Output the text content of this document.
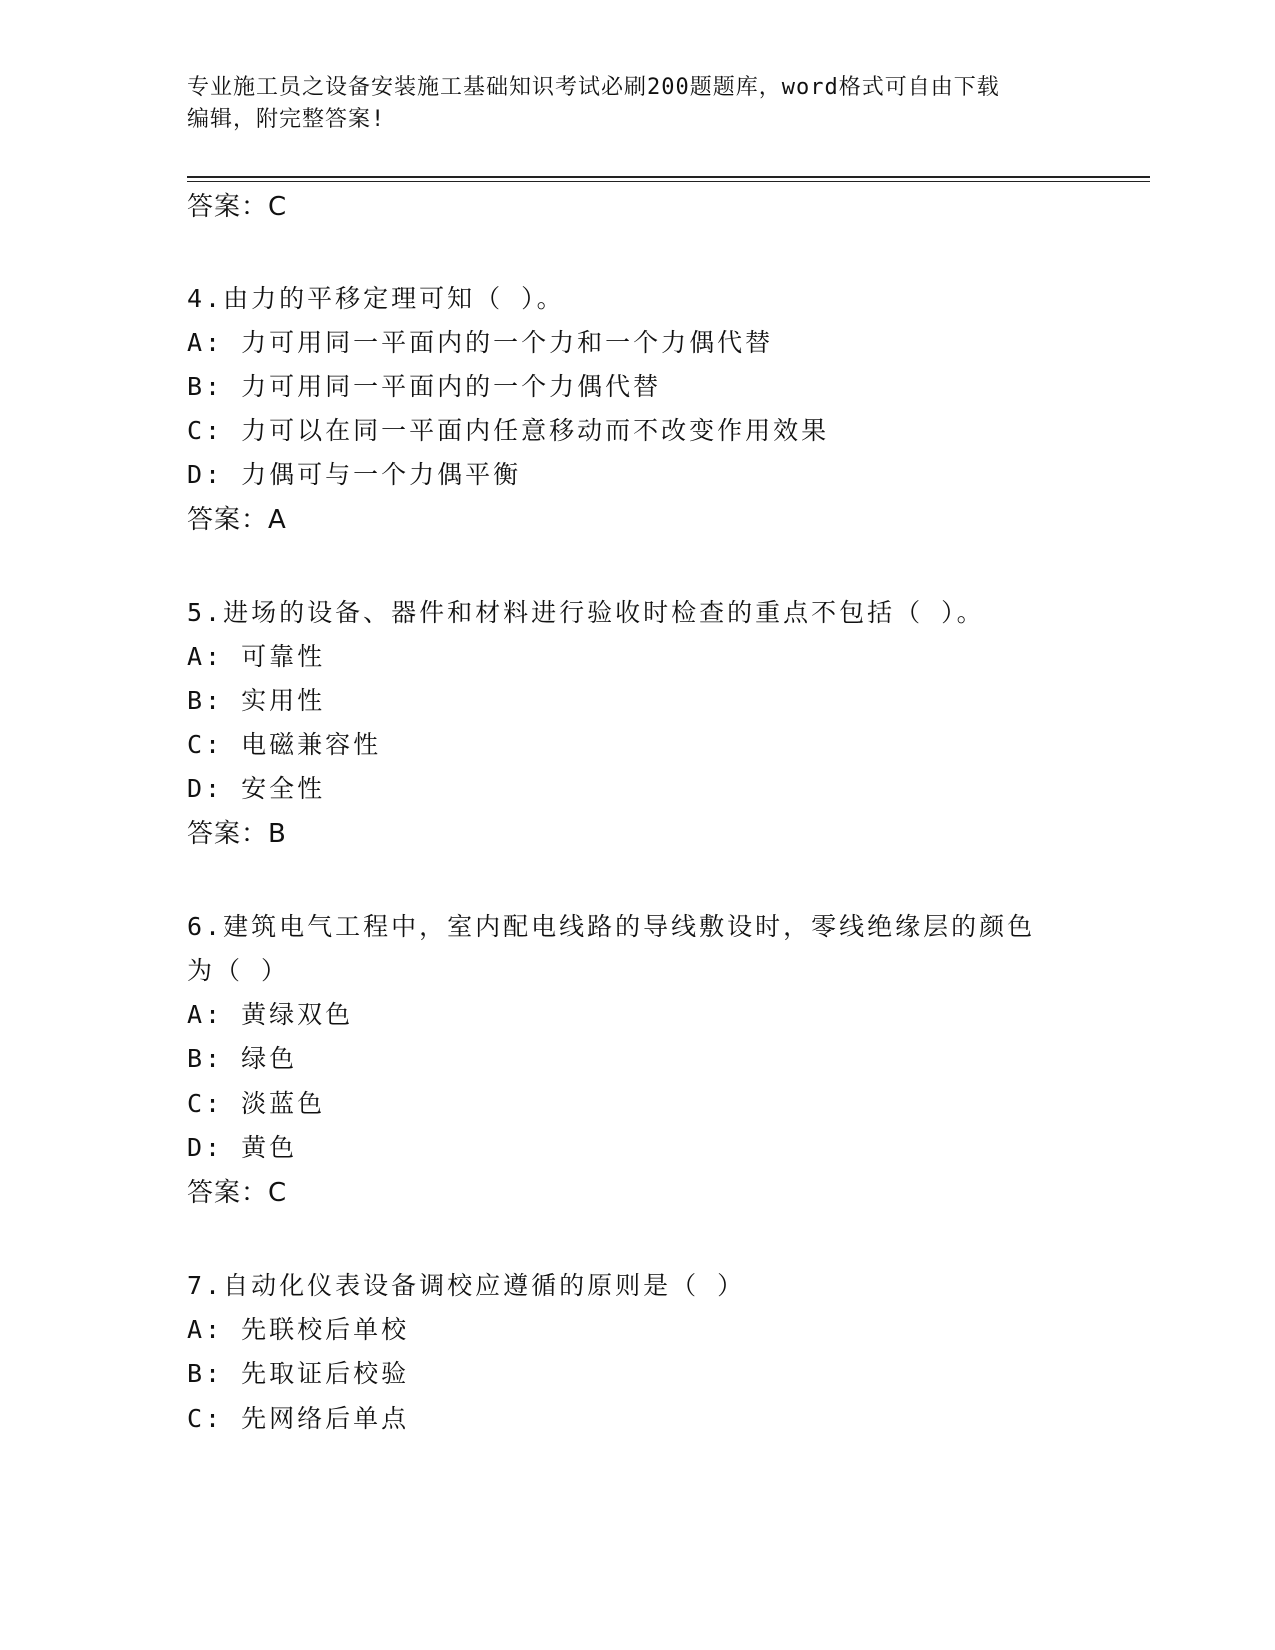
专业施工员之设备安装施工基础知识考试必刷200题题库，word格式可自由下载
编辑，附完整答案!
答案：C
4.由力的平移定理可知（ ）。
A: 力可用同一平面内的一个力和一个力偶代替
B: 力可用同一平面内的一个力偶代替
C: 力可以在同一平面内任意移动而不改变作用效果
D: 力偶可与一个力偶平衡
答案：A
5.进场的设备、器件和材料进行验收时检查的重点不包括（ ）。
A: 可靠性
B: 实用性
C: 电磁兼容性
D: 安全性
答案：B
6.建筑电气工程中，室内配电线路的导线敷设时，零线绝缘层的颜色
为（ ）
A: 黄绿双色
B: 绿色
C: 淡蓝色
D: 黄色
答案：C
7.自动化仪表设备调校应遵循的原则是（ ）
A: 先联校后单校
B: 先取证后校验
C: 先网络后单点
